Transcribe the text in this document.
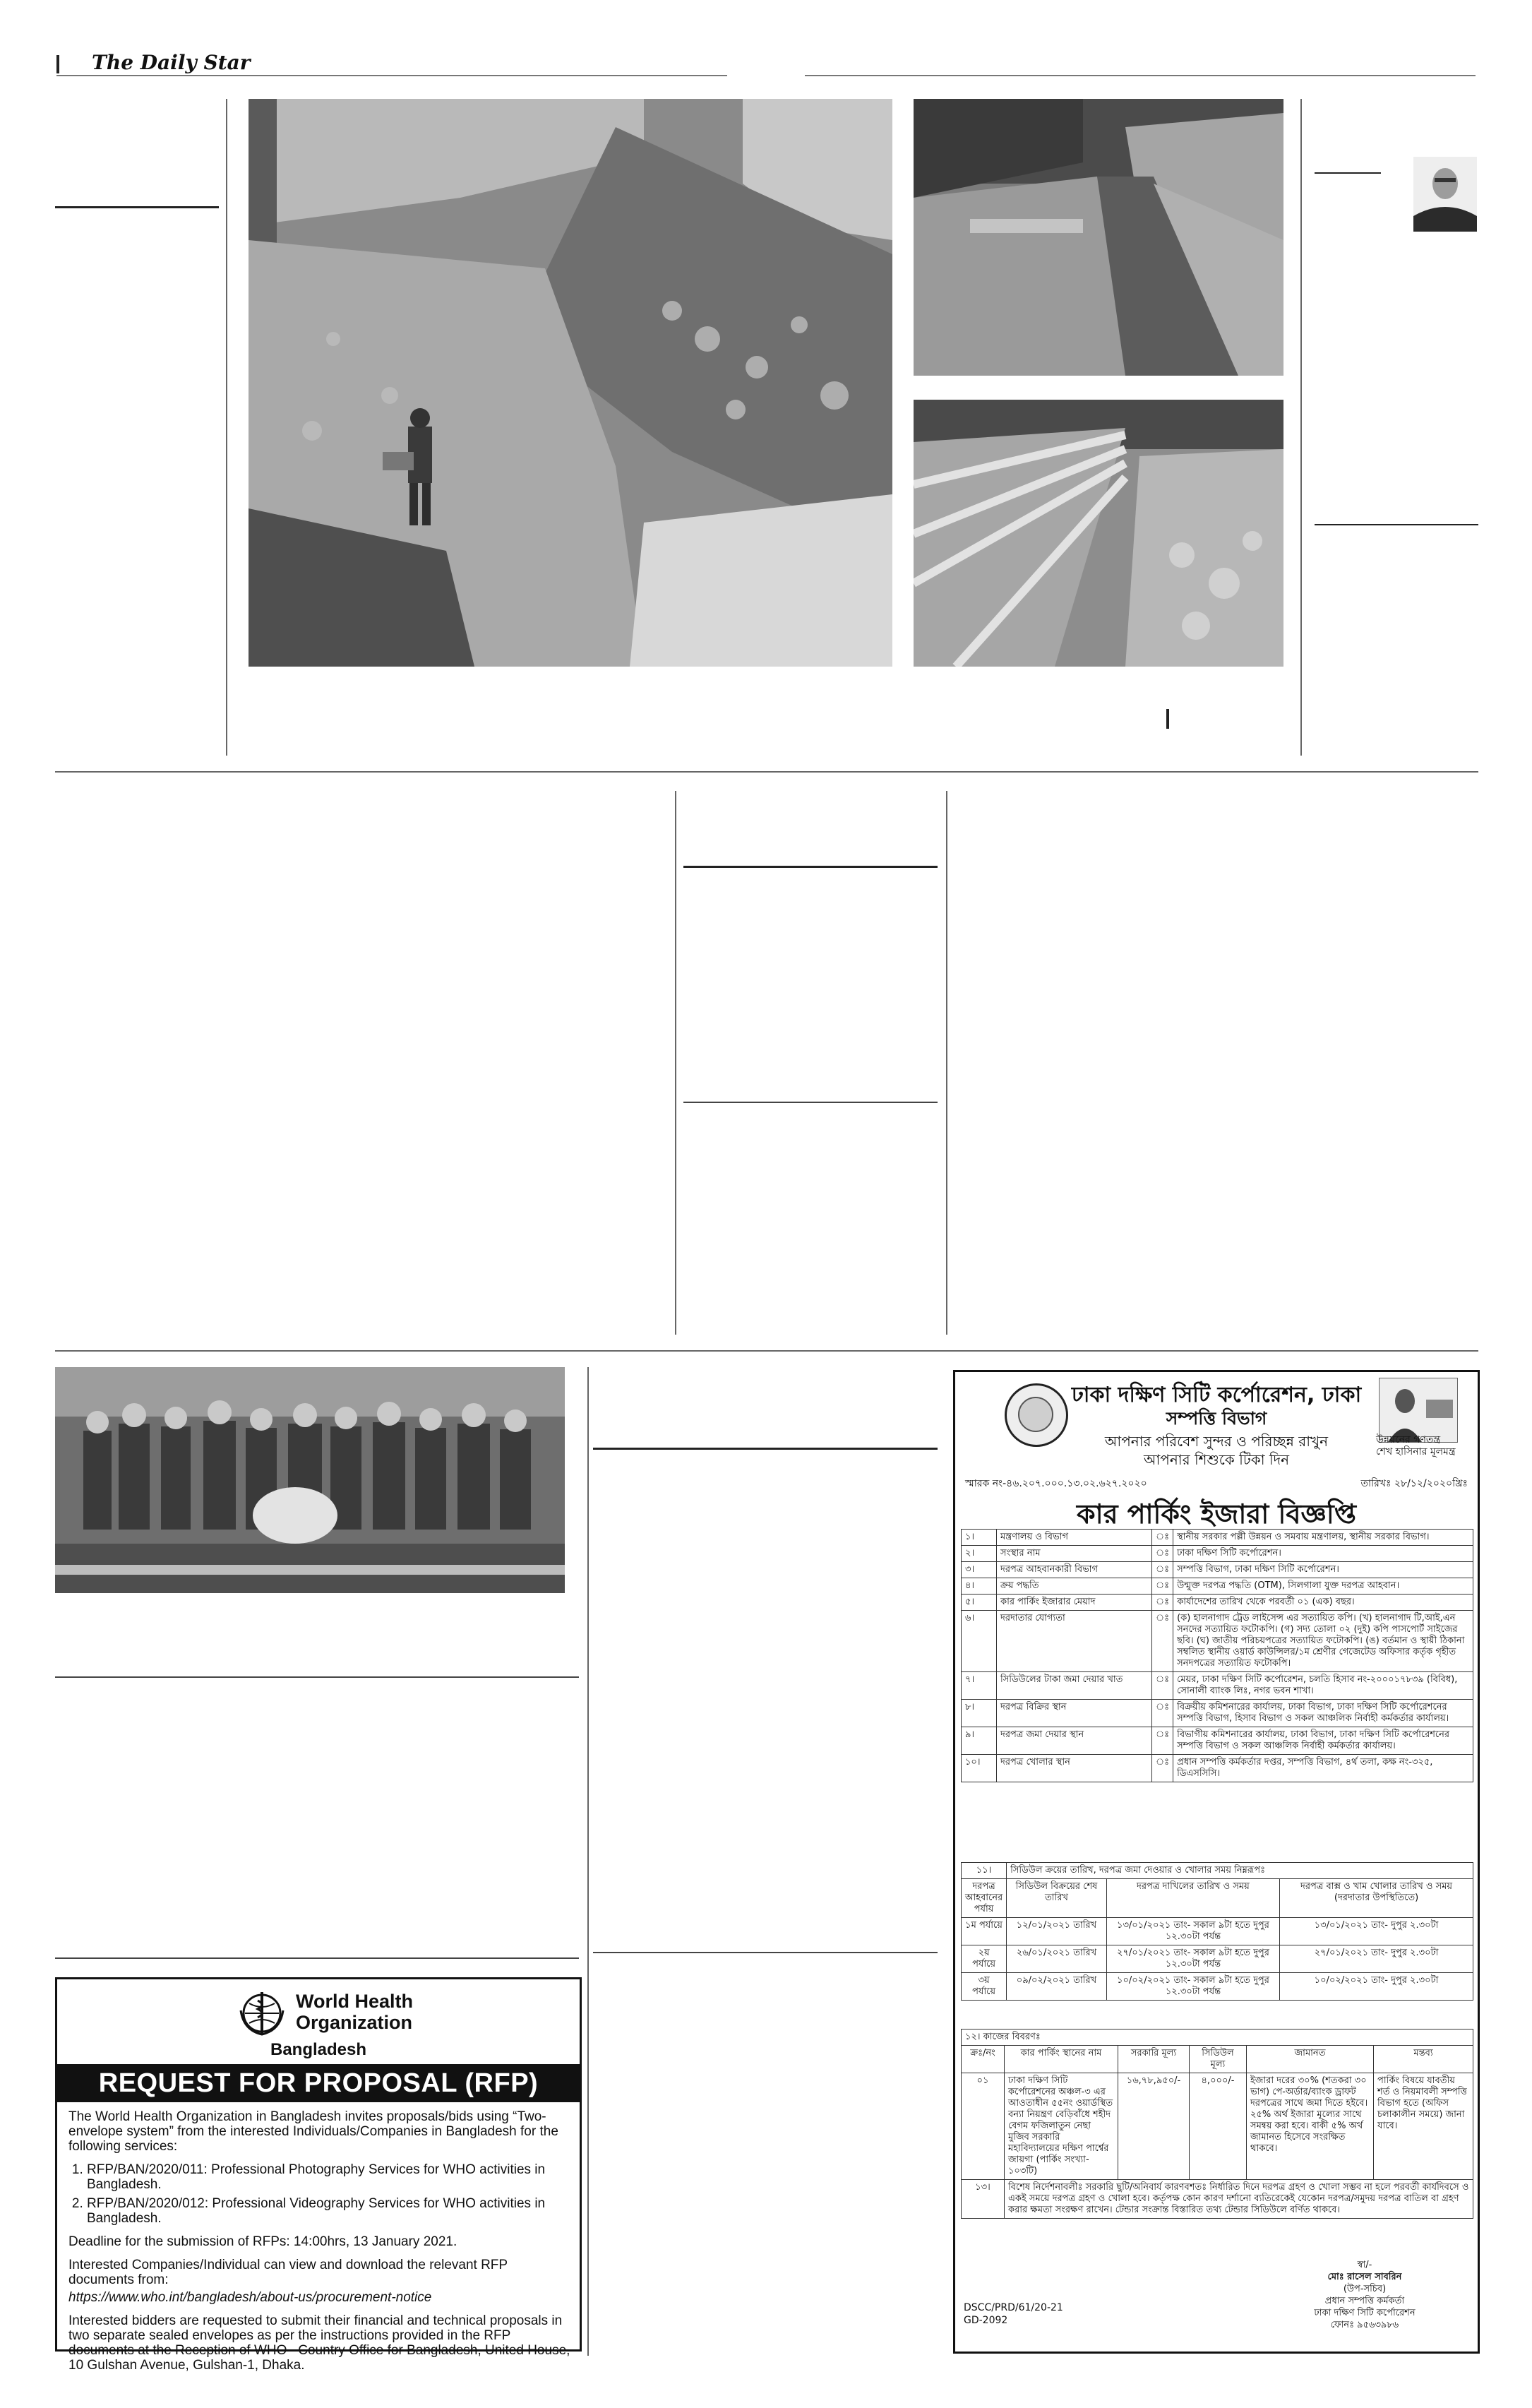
The Daily Star
World Health
Organization
Bangladesh
REQUEST FOR PROPOSAL (RFP)

The World Health Organization in Bangladesh invites proposals/bids using “Two-envelope system” from the interested Individuals/Companies in Bangladesh for the following services:

1. RFP/BAN/2020/011: Professional Photography Services for WHO activities in Bangladesh.
2. RFP/BAN/2020/012: Professional Videography Services for WHO activities in Bangladesh.

Deadline for the submission of RFPs: 14:00hrs, 13 January 2021.

Interested Companies/Individual can view and download the relevant RFP documents from:

https://www.who.int/bangladesh/about-us/procurement-notice

Interested bidders are requested to submit their financial and technical proposals in two separate sealed envelopes as per the instructions provided in the RFP documents at the Reception of WHO– Country Office for Bangladesh, United House, 10 Gulshan Avenue, Gulshan-1, Dhaka.

ঢাকা দক্ষিণ সিটি কর্পোরেশন, ঢাকা
সম্পত্তি বিভাগ
আপনার পরিবেশ সুন্দর ও পরিচ্ছন্ন রাখুন
আপনার শিশুকে টিকা দিন
উন্নয়নের গণতন্ত্র
শেখ হাসিনার মূলমন্ত্র
স্মারক নং-৪৬.২০৭.০০০.১৩.০২.৬২৭.২০২০	তারিখঃ ২৮/১২/২০২০খ্রিঃ
কার পার্কিং ইজারা বিজ্ঞপ্তি
১।	মন্ত্রণালয় ও বিভাগ	ঃ	স্থানীয় সরকার পল্লী উন্নয়ন ও সমবায় মন্ত্রণালয়, স্থানীয় সরকার বিভাগ।
২।	সংস্থার নাম	ঃ	ঢাকা দক্ষিণ সিটি কর্পোরেশন।
৩।	দরপত্র আহবানকারী বিভাগ	ঃ	সম্পত্তি বিভাগ, ঢাকা দক্ষিণ সিটি কর্পোরেশন।
৪।	ক্রয় পদ্ধতি	ঃ	উন্মুক্ত দরপত্র পদ্ধতি (OTM), সিলগালা যুক্ত দরপত্র আহবান।
৫।	কার পার্কিং ইজারার মেয়াদ	ঃ	কার্যাদেশের তারিখ থেকে পরবর্তী ০১ (এক) বছর।
৬।	দরদাতার যোগ্যতা	ঃ	(ক) হালনাগাদ ট্রেড লাইসেন্স এর সত্যায়িত কপি। (খ) হালনাগাদ টি,আই,এন সনদের সত্যায়িত ফটোকপি। (গ) সদ্য তোলা ০২ (দুই) কপি পাসপোর্ট সাইজের ছবি। (ঘ) জাতীয় পরিচয়পত্রের সত্যায়িত ফটোকপি। (ঙ) বর্তমান ও স্থায়ী ঠিকানা সম্বলিত স্থানীয় ওয়ার্ড কাউন্সিলর/১ম শ্রেণীর গেজেটেড অফিসার কর্তৃক গৃহীত সনদপত্রের সত্যায়িত ফটোকপি।
৭।	সিডিউলের টাকা জমা দেয়ার খাত	ঃ	মেয়র, ঢাকা দক্ষিণ সিটি কর্পোরেশন, চলতি হিসাব নং-২০০০১৭৮৩৯ (বিবিধ), সোনালী ব্যাংক লিঃ, নগর ভবন শাখা।
৮।	দরপত্র বিক্রির স্থান	ঃ	বিক্রয়ীয় কমিশনারের কার্যালয়, ঢাকা বিভাগ, ঢাকা দক্ষিণ সিটি কর্পোরেশনের সম্পত্তি বিভাগ, হিসাব বিভাগ ও সকল আঞ্চলিক নির্বাহী কর্মকর্তার কার্যালয়।
৯।	দরপত্র জমা দেয়ার স্থান	ঃ	বিভাগীয় কমিশনারের কার্যালয়, ঢাকা বিভাগ, ঢাকা দক্ষিণ সিটি কর্পোরেশনের সম্পত্তি বিভাগ ও সকল আঞ্চলিক নির্বাহী কর্মকর্তার কার্যালয়।
১০।	দরপত্র খোলার স্থান	ঃ	প্রধান সম্পত্তি কর্মকর্তার দপ্তর, সম্পত্তি বিভাগ, ৪র্থ তলা, কক্ষ নং-৩২৫, ডিএসসিসি।
১১।	সিডিউল ক্রয়ের তারিখ, দরপত্র জমা দেওয়ার ও খোলার সময় নিম্নরূপঃ		
দরপত্র আহবানের পর্যায়	সিডিউল বিক্রয়ের শেষ তারিখ	দরপত্র দাখিলের তারিখ ও সময়	দরপত্র বাক্স ও খাম খোলার তারিখ ও সময় (দরদাতার উপস্থিতিতে)
১ম পর্যায়ে	১২/০১/২০২১ তারিখ	১৩/০১/২০২১ তাং- সকাল ৯টা হতে দুপুর ১২.৩০টা পর্যন্ত	১৩/০১/২০২১ তাং- দুপুর ২.৩০টা
২য় পর্যায়ে	২৬/০১/২০২১ তারিখ	২৭/০১/২০২১ তাং- সকাল ৯টা হতে দুপুর ১২.৩০টা পর্যন্ত	২৭/০১/২০২১ তাং- দুপুর ২.৩০টা
৩য় পর্যায়ে	০৯/০২/২০২১ তারিখ	১০/০২/২০২১ তাং- সকাল ৯টা হতে দুপুর ১২.৩০টা পর্যন্ত	১০/০২/২০২১ তাং- দুপুর ২.৩০টা
১২। কাজের বিবরণঃ					
ক্রঃ/নং	কার পার্কিং স্থানের নাম	সরকারি মূল্য	সিডিউল মূল্য	জামানত	মন্তব্য
০১	ঢাকা দক্ষিণ সিটি কর্পোরেশনের অঞ্চল-৩ এর আওতাধীন ৫৫নং ওয়ার্ডস্থিত বন্যা নিয়ন্ত্রণ বেড়িবাঁধে শহীদ বেগম ফজিলাতুন নেছা মুজিব সরকারি মহাবিদ্যালয়ের দক্ষিণ পার্শ্বের জায়গা (পার্কিং সংখ্যা- ১০৩টি)	১৬,৭৮,৯৫০/-	৪,০০০/-	ইজারা দরের ৩০% (শতকরা ৩০ ভাগ) পে-অর্ডার/ব্যাংক ড্রাফট দরপত্রের সাথে জমা দিতে হইবে। ২৫% অর্থ ইজারা মূল্যের সাথে সমন্বয় করা হবে। বাকী ৫% অর্থ জামানত হিসেবে সংরক্ষিত থাকবে।	পার্কিং বিষয়ে যাবতীয় শর্ত ও নিয়মাবলী সম্পত্তি বিভাগ হতে (অফিস চলাকালীন সময়ে) জানা যাবে।
১৩।	বিশেষ নির্দেশনাবলীঃ সরকারি ছুটি/অনিবার্য কারণবশতঃ নির্ধারিত দিনে দরপত্র গ্রহণ ও খোলা সম্ভব না হলে পরবর্তী কার্যদিবসে ও একই সময়ে দরপত্র গ্রহণ ও খোলা হবে। কর্তৃপক্ষ কোন কারণ দর্শানো ব্যতিরেকেই যেকোন দরপত্র/সমুদয় দরপত্র বাতিল বা গ্রহণ করার ক্ষমতা সংরক্ষণ রাখেন। টেন্ডার সংক্রান্ত বিস্তারিত তথ্য টেন্ডার সিডিউলে বর্ণিত থাকবে।				
স্বা/-
মোঃ রাসেল সাবরিন
(উপ-সচিব)
প্রধান সম্পত্তি কর্মকর্তা
ঢাকা দক্ষিণ সিটি কর্পোরেশন
ফোনঃ ৯৫৬৩৯৮৬
DSCC/PRD/61/20-21
GD-2092
